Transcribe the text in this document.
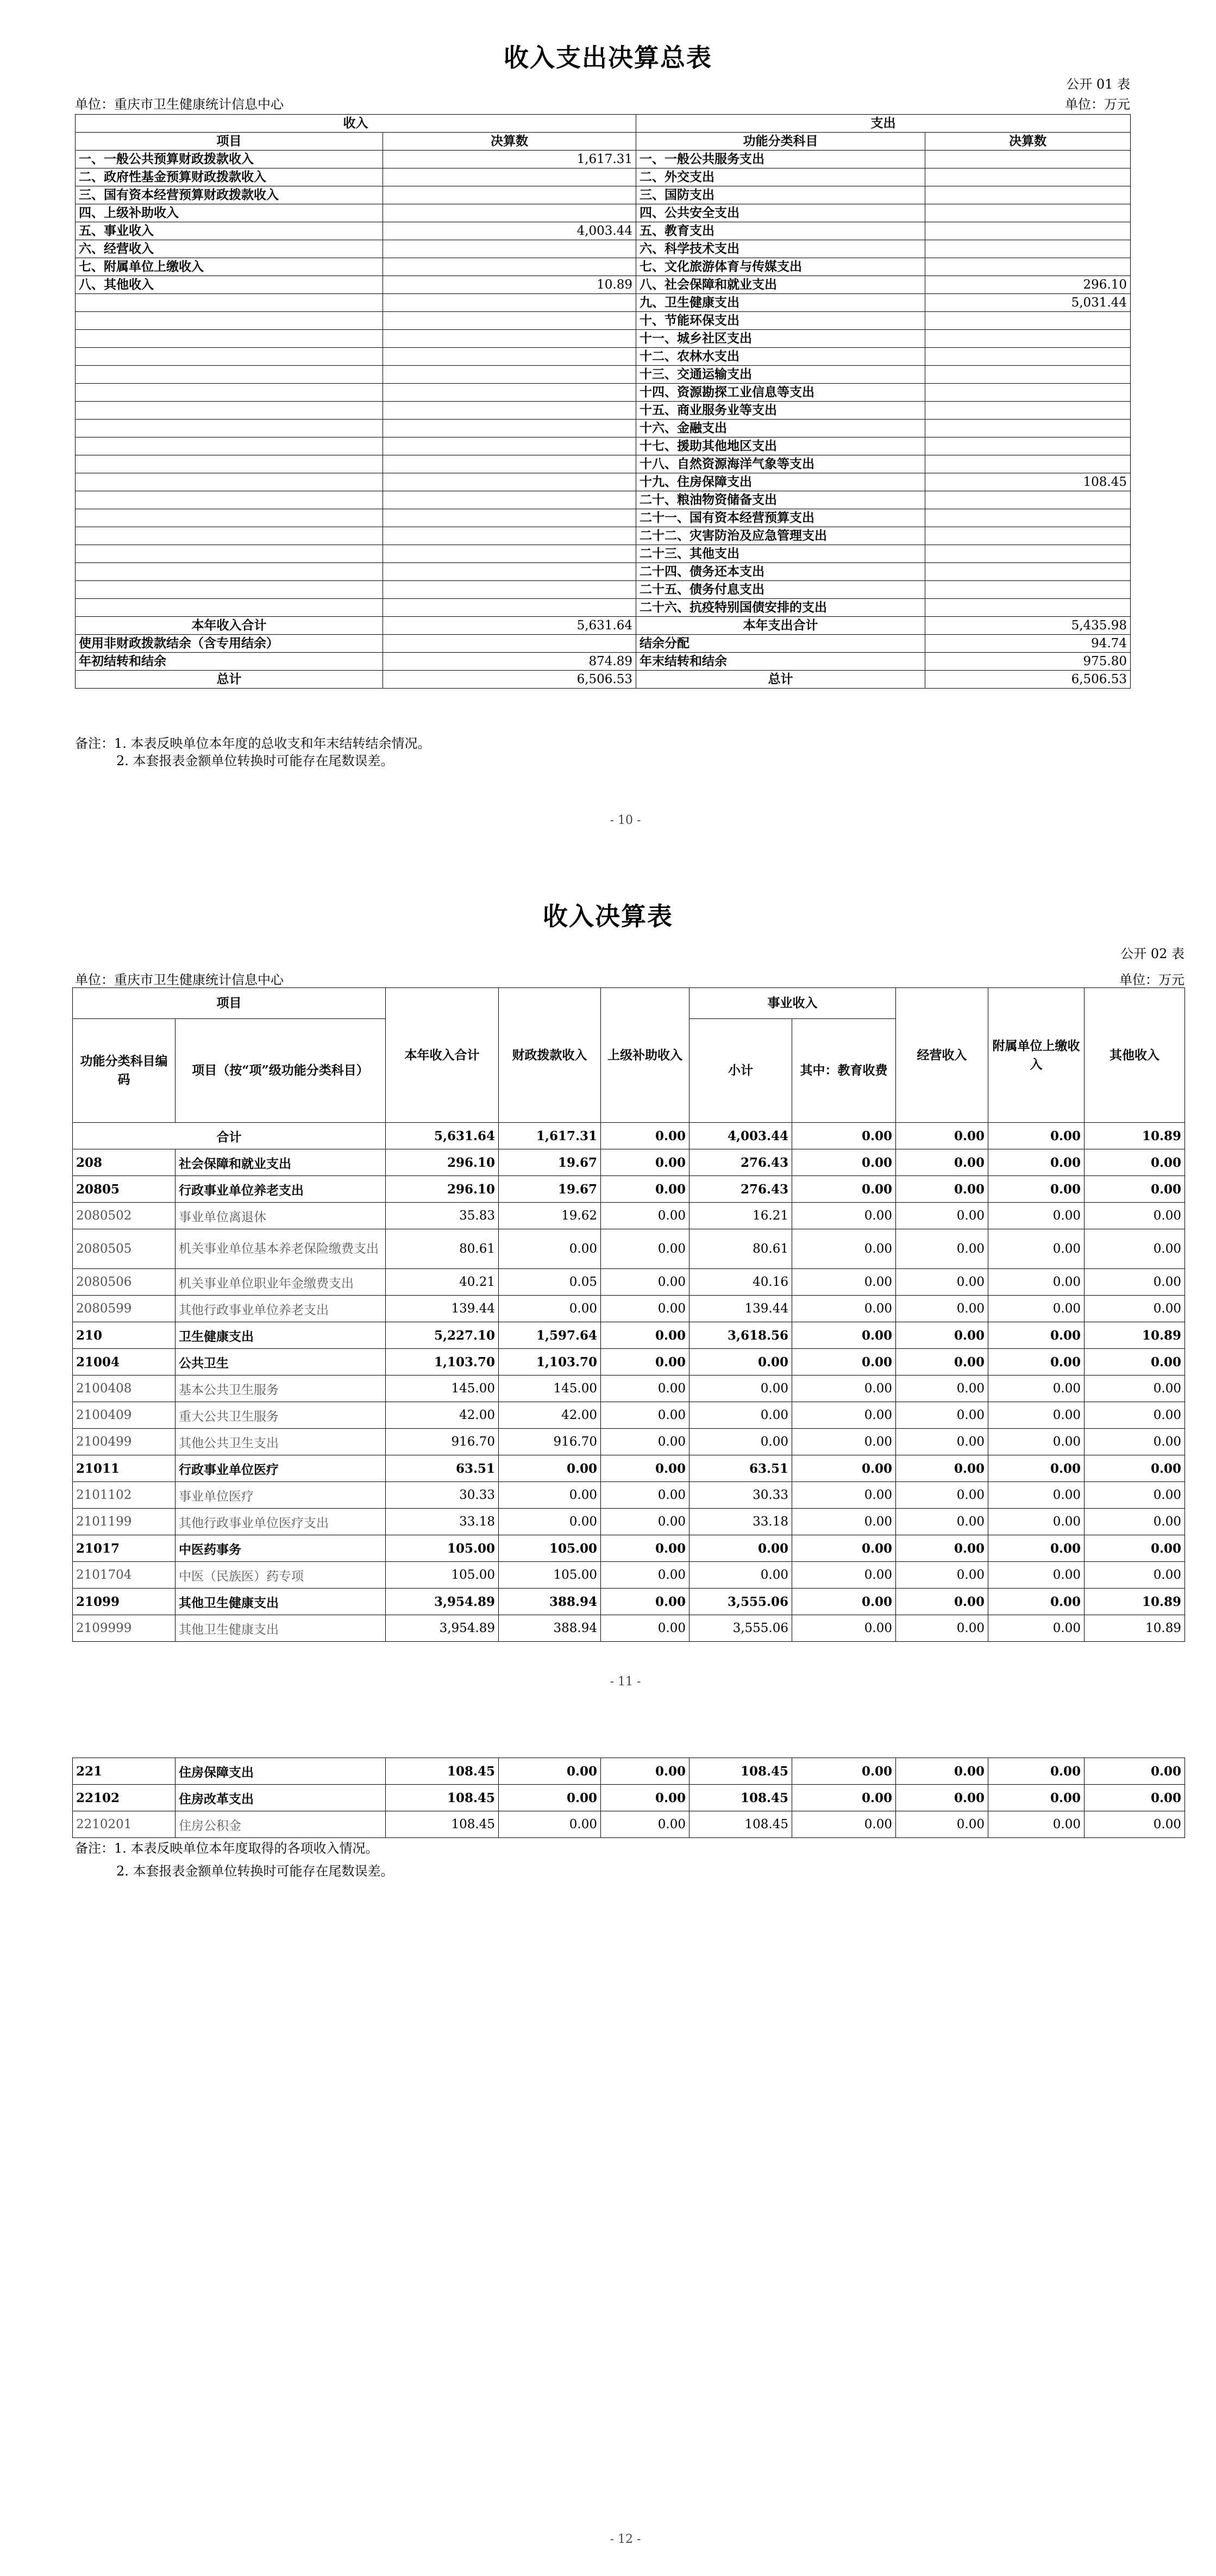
收入支出决算总表
公开 01 表
单位：重庆市卫生健康统计信息中心	单位：万元
收入		支出	
项目	决算数	功能分类科目	决算数
一、一般公共预算财政拨款收入	1,617.31	一、一般公共服务支出	
二、政府性基金预算财政拨款收入		二、外交支出	
三、国有资本经营预算财政拨款收入		三、国防支出	
四、上级补助收入		四、公共安全支出	
五、事业收入	4,003.44	五、教育支出	
六、经营收入		六、科学技术支出	
七、附属单位上缴收入		七、文化旅游体育与传媒支出	
八、其他收入	10.89	八、社会保障和就业支出	296.10
		九、卫生健康支出	5,031.44
		十、节能环保支出	
		十一、城乡社区支出	
		十二、农林水支出	
		十三、交通运输支出	
		十四、资源勘探工业信息等支出	
		十五、商业服务业等支出	
		十六、金融支出	
		十七、援助其他地区支出	
		十八、自然资源海洋气象等支出	
		十九、住房保障支出	108.45
		二十、粮油物资储备支出	
		二十一、国有资本经营预算支出	
		二十二、灾害防治及应急管理支出	
		二十三、其他支出	
		二十四、债务还本支出	
		二十五、债务付息支出	
		二十六、抗疫特别国债安排的支出	
本年收入合计	5,631.64	本年支出合计	5,435.98
使用非财政拨款结余（含专用结余）		结余分配	94.74
年初结转和结余	874.89	年末结转和结余	975.80
总计	6,506.53	总计	6,506.53
备注：1. 本表反映单位本年度的总收支和年末结转结余情况。
2. 本套报表金额单位转换时可能存在尾数误差。
- 10 -
收入决算表
公开 02 表
单位：重庆市卫生健康统计信息中心	单位：万元
项目		本年收入合计	财政拨款收入	上级补助收入	事业收入		经营收入	附属单位上缴收入	其他收入
功能分类科目编码	项目（按“项”级功能分类科目）				小计	其中：教育收费			

合计		5,631.64	1,617.31	0.00	4,003.44	0.00	0.00	0.00	10.89
208	社会保障和就业支出	296.10	19.67	0.00	276.43	0.00	0.00	0.00	0.00
20805	行政事业单位养老支出	296.10	19.67	0.00	276.43	0.00	0.00	0.00	0.00
2080502	事业单位离退休	35.83	19.62	0.00	16.21	0.00	0.00	0.00	0.00
2080505	机关事业单位基本养老保险缴费支出	80.61	0.00	0.00	80.61	0.00	0.00	0.00	0.00
2080506	机关事业单位职业年金缴费支出	40.21	0.05	0.00	40.16	0.00	0.00	0.00	0.00
2080599	其他行政事业单位养老支出	139.44	0.00	0.00	139.44	0.00	0.00	0.00	0.00
210	卫生健康支出	5,227.10	1,597.64	0.00	3,618.56	0.00	0.00	0.00	10.89
21004	公共卫生	1,103.70	1,103.70	0.00	0.00	0.00	0.00	0.00	0.00
2100408	基本公共卫生服务	145.00	145.00	0.00	0.00	0.00	0.00	0.00	0.00
2100409	重大公共卫生服务	42.00	42.00	0.00	0.00	0.00	0.00	0.00	0.00
2100499	其他公共卫生支出	916.70	916.70	0.00	0.00	0.00	0.00	0.00	0.00
21011	行政事业单位医疗	63.51	0.00	0.00	63.51	0.00	0.00	0.00	0.00
2101102	事业单位医疗	30.33	0.00	0.00	30.33	0.00	0.00	0.00	0.00
2101199	其他行政事业单位医疗支出	33.18	0.00	0.00	33.18	0.00	0.00	0.00	0.00
21017	中医药事务	105.00	105.00	0.00	0.00	0.00	0.00	0.00	0.00
2101704	中医（民族医）药专项	105.00	105.00	0.00	0.00	0.00	0.00	0.00	0.00
21099	其他卫生健康支出	3,954.89	388.94	0.00	3,555.06	0.00	0.00	0.00	10.89
2109999	其他卫生健康支出	3,954.89	388.94	0.00	3,555.06	0.00	0.00	0.00	10.89
- 11 -
221	住房保障支出	108.45	0.00	0.00	108.45	0.00	0.00	0.00	0.00
22102	住房改革支出	108.45	0.00	0.00	108.45	0.00	0.00	0.00	0.00
2210201	住房公积金	108.45	0.00	0.00	108.45	0.00	0.00	0.00	0.00
备注：1. 本表反映单位本年度取得的各项收入情况。
2. 本套报表金额单位转换时可能存在尾数误差。
- 12 -
